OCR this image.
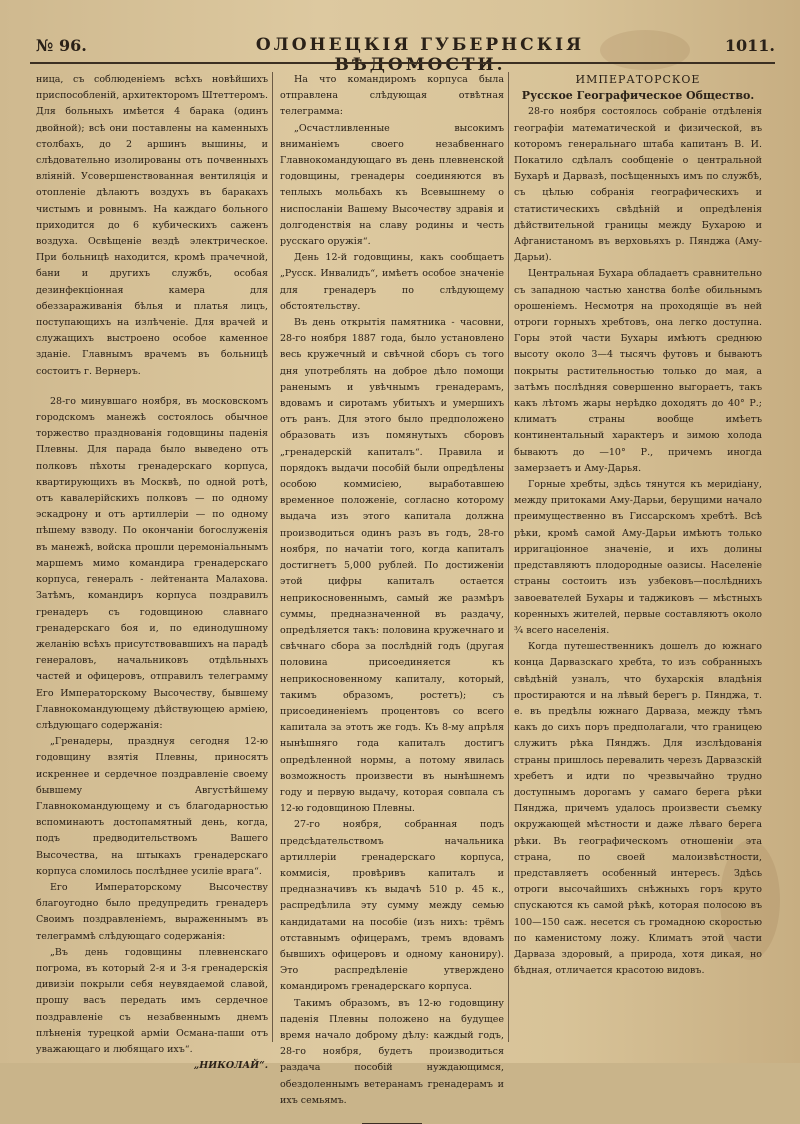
№ 96.	ОЛОНЕЦКІЯ ГУБЕРНСКІЯ ВѢДОМОСТИ.
1011.

ница, съ соблюденіемъ всѣхъ новѣйшихъ приспособленій, архитекторомъ Штеттеромъ. Для больныхъ имѣется 4 барака (одинъ двойной); всѣ они поставлены на каменныхъ столбахъ, до 2 аршинъ вышины, и слѣдовательно изолированы отъ почвенныхъ вліяній. Усовершенствованная вентиляція и отопленіе дѣлаютъ воздухъ въ баракахъ чистымъ и ровнымъ. На каждаго больного приходится до 6 кубическихъ саженъ воздуха. Освѣщеніе вездѣ электрическое. При больницѣ находится, кромѣ прачечной, бани и другихъ службъ, особая дезинфекціонная камера для обеззараживанія бѣлья и платья лицъ, поступающихъ на излѣченіе. Для врачей и служащихъ выстроено особое каменное зданіе. Главнымъ врачемъ въ больницѣ состоитъ г. Вернеръ.

28-го минувшаго ноября, въ московскомъ городскомъ манежѣ состоялось обычное торжество празднованія годовщины паденія Плевны. Для парада было выведено отъ полковъ пѣхоты гренадерскаго корпуса, квартирующихъ въ Москвѣ, по одной ротѣ, отъ кавалерійскихъ полковъ — по одному эскадрону и отъ артиллеріи — по одному пѣшему взводу. По окончаніи богослуженія въ манежѣ, войска прошли церемоніальнымъ маршемъ мимо командира гренадерскаго корпуса, генералъ - лейтенанта Малахова. Затѣмъ, командиръ корпуса поздравилъ гренадеръ съ годовщиною славнаго гренадерскаго боя и, по единодушному желанію всѣхъ присутствовавшихъ на парадѣ генераловъ, начальниковъ отдѣльныхъ частей и офицеровъ, отправилъ телеграмму Его Императорскому Высочеству, бывшему Главнокомандующему дѣйствующею арміею, слѣдующаго содержанія:

„Гренадеры, празднуя сегодня 12-ю годовщину взятія Плевны, приносятъ искреннее и сердечное поздравленіе своему бывшему Августѣйшему Главнокомандующему и съ благодарностью вспоминаютъ достопамятный день, когда, подъ предводительствомъ Вашего Высочества, на штыкахъ гренадерскаго корпуса сломилось послѣднее усиліе врага“.

Его Императорскому Высочеству благоугодно было предупредить гренадеръ Своимъ поздравленіемъ, выраженнымъ въ телеграммѣ слѣдующаго содержанія:

„Въ день годовщины плевненскаго погрома, въ который 2-я и 3-я гренадерскія дивизіи покрыли себя неувядаемой славой, прошу васъ передать имъ сердечное поздравленіе съ незабвеннымъ днемъ плѣненія турецкой арміи Османа-паши отъ уважающаго и любящаго ихъ“.

„НИКОЛАЙ“.

На что командиромъ корпуса была отправлена слѣдующая отвѣтная телеграмма:

„Осчастливленные высокимъ вниманіемъ своего незабвеннаго Главнокомандующаго въ день плевненской годовщины, гренадеры соединяются въ теплыхъ мольбахъ къ Всевышнему о ниспосланіи Вашему Высочеству здравія и долгоденствія на славу родины и честь русскаго оружія“.

День 12-й годовщины, какъ сообщаетъ „Русск. Инвалидъ“, имѣетъ особое значеніе для гренадеръ по слѣдующему обстоятельству.

Въ день открытія памятника - часовни, 28-го ноября 1887 года, было установлено весь кружечный и свѣчной сборъ съ того дня употреблять на доброе дѣло помощи раненымъ и увѣчнымъ гренадерамъ, вдовамъ и сиротамъ убитыхъ и умершихъ отъ ранъ. Для этого было предположено образовать изъ помянутыхъ сборовъ „гренадерскій капиталъ“. Правила и порядокъ выдачи пособій были опредѣлены особою коммисіею, выработавшею временное положеніе, согласно которому выдача изъ этого капитала должна производиться одинъ разъ въ годъ, 28-го ноября, по начатіи того, когда капиталъ достигнетъ 5,000 рублей. По достиженіи этой цифры капиталъ остается неприкосновеннымъ, самый же размѣръ суммы, предназначенной въ раздачу, опредѣляется такъ: половина кружечнаго и свѣчнаго сбора за послѣдній годъ (другая половина присоединяется къ неприкосновенному капиталу, который, такимъ образомъ, ростетъ); съ присоединеніемъ процентовъ со всего капитала за этотъ же годъ. Къ 8-му апрѣля нынѣшняго года капиталъ достигъ опредѣленной нормы, а потому явилась возможность произвести въ нынѣшнемъ году и первую выдачу, которая совпала съ 12-ю годовщиною Плевны.

27-го ноября, собранная подъ предсѣдательствомъ начальника артиллеріи гренадерскаго корпуса, коммисія, провѣривъ капиталъ и предназначивъ къ выдачѣ 510 р. 45 к., распредѣлила эту сумму между семью кандидатами на пособіе (изъ нихъ: трёмъ отставнымъ офицерамъ, тремъ вдовамъ бывшихъ офицеровъ и одному канониру). Это распредѣленіе утверждено командиромъ гренадерскаго корпуса.

Такимъ образомъ, въ 12-ю годовщину паденія Плевны положено на будущее время начало доброму дѣлу: каждый годъ, 28-го ноября, будетъ производиться раздача пособій нуждающимся, обездоленнымъ ветеранамъ гренадерамъ и ихъ семьямъ.

ИМПЕРАТОРСКОЕ

Русское Географическое Общество.

28-го ноября состоялось собраніе отдѣленія географіи математической и физической, въ которомъ генеральнаго штаба капитанъ В. И. Покатило сдѣлалъ сообщеніе о центральной Бухарѣ и Дарвазѣ, посѣщенныхъ имъ по службѣ, съ цѣлью собранія географическихъ и статистическихъ свѣдѣній и опредѣленія дѣйствительной границы между Бухарою и Афганистаномъ въ верховьяхъ р. Пянджа (Аму-Дарьи).

Центральная Бухара обладаетъ сравнительно съ западною частью ханства болѣе обильнымъ орошеніемъ. Несмотря на проходящіе въ ней отроги горныхъ хребтовъ, она легко доступна. Горы этой части Бухары имѣютъ среднюю высоту около 3—4 тысячъ футовъ и бываютъ покрыты растительностью только до мая, а затѣмъ послѣдняя совершенно выгораетъ, такъ какъ лѣтомъ жары нерѣдко доходятъ до 40° Р.; климатъ страны вообще имѣетъ континентальный характеръ и зимою холода бываютъ до —10° Р., причемъ иногда замерзаетъ и Аму-Дарья.

Горные хребты, здѣсь тянутся къ меридіану, между притоками Аму-Дарьи, берущими начало преимущественно въ Гиссарскомъ хребтѣ. Всѣ рѣки, кромѣ самой Аму-Дарьи имѣютъ только ирригаціонное значеніе, и ихъ долины представляютъ плодородные оазисы. Населеніе страны состоитъ изъ узбековъ—послѣднихъ завоевателей Бухары и таджиковъ — мѣстныхъ коренныхъ жителей, первые составляютъ около ¾ всего населенія.

Когда путешественникъ дошелъ до южнаго конца Дарвазскаго хребта, то изъ собранныхъ свѣдѣній узналъ, что бухарскія владѣнія простираются и на лѣвый берегъ р. Пянджа, т. е. въ предѣлы южнаго Дарваза, между тѣмъ какъ до сихъ поръ предполагали, что границею служитъ рѣка Пянджъ. Для изслѣдованія страны пришлось перевалить черезъ Дарвазскій хребетъ и идти по чрезвычайно трудно доступнымъ дорогамъ у самаго берега рѣки Пянджа, причемъ удалось произвести съемку окружающей мѣстности и даже лѣваго берега рѣки. Въ географическомъ отношеніи эта страна, по своей малоизвѣстности, представляетъ особенный интересъ. Здѣсь отроги высочайшихъ снѣжныхъ горъ круто спускаются къ самой рѣкѣ, которая полосою въ 100—150 саж. несется съ громадною скоростью по каменистому ложу. Климатъ этой части Дарваза здоровый, а природа, хотя дикая, но бѣдная, отличается красотою видовъ.
